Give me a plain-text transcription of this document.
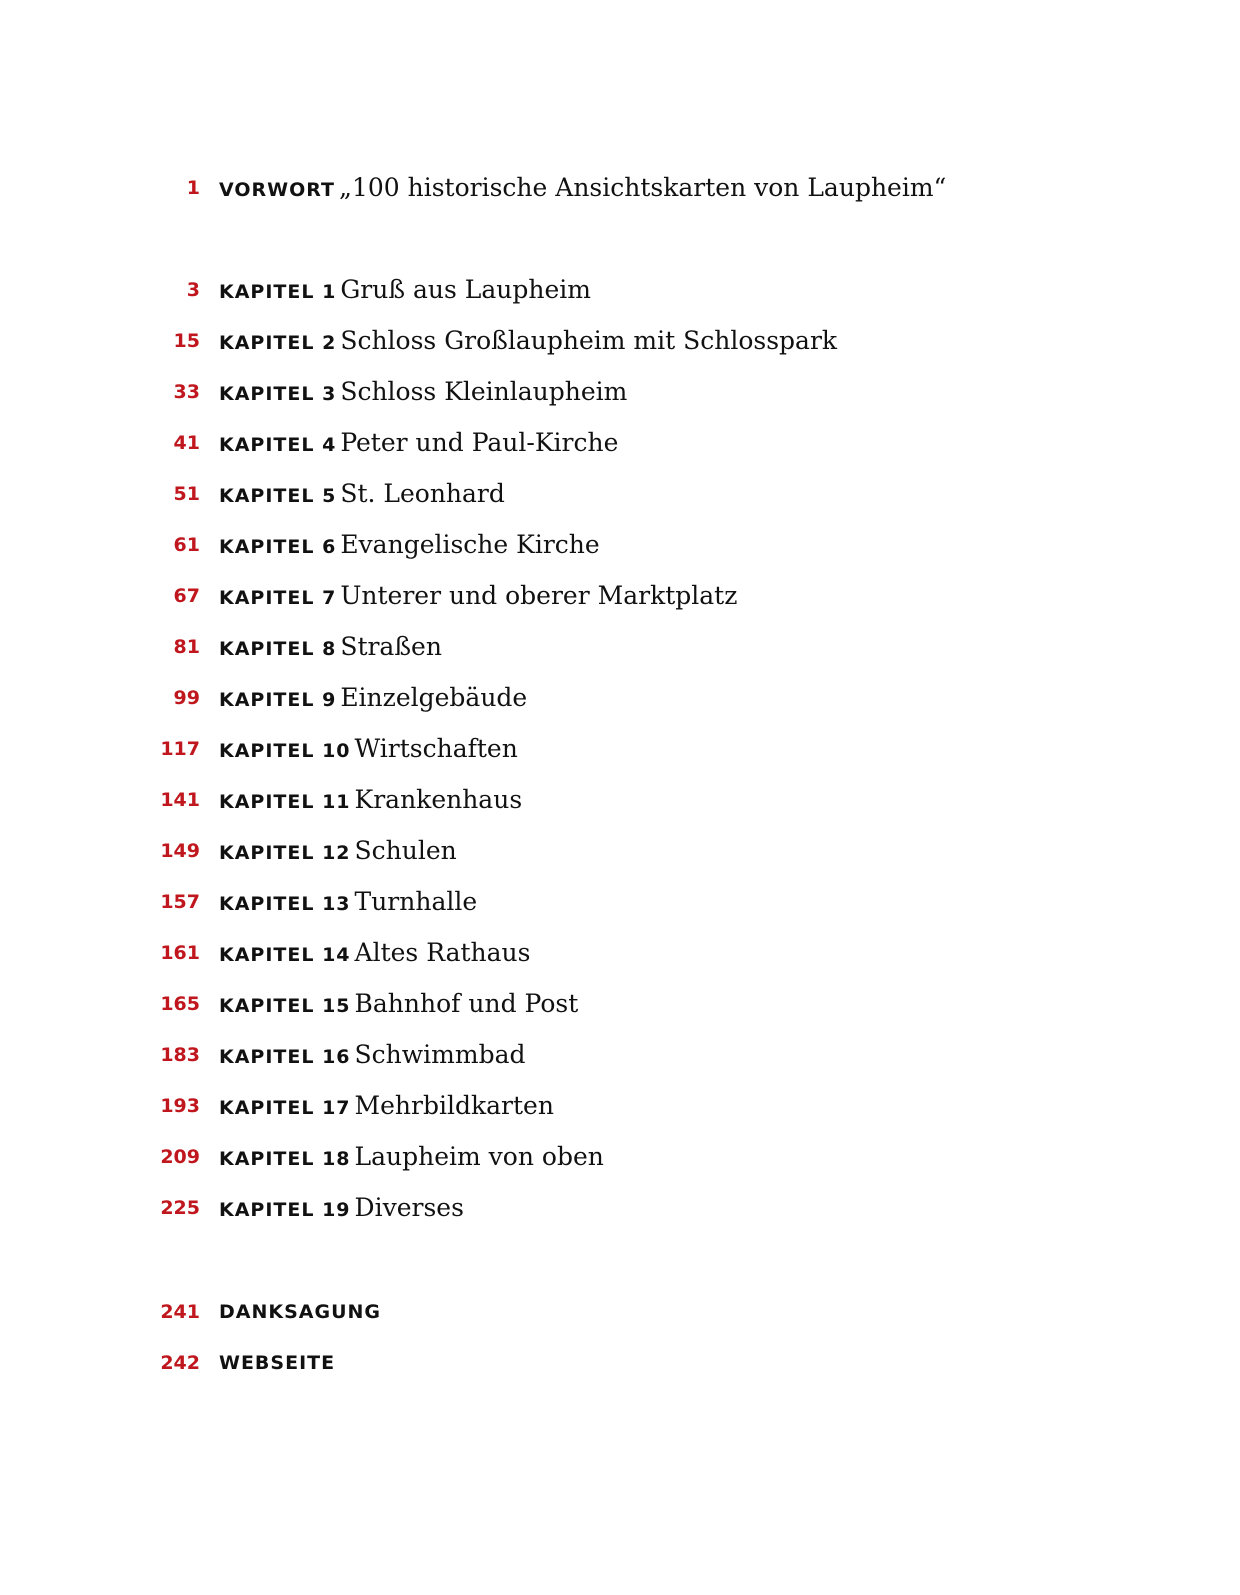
1 VORWORT „100 historische Ansichtskarten von Laupheim“
3 KAPITEL 1 Gruß aus Laupheim
15 KAPITEL 2 Schloss Großlaupheim mit Schlosspark
33 KAPITEL 3 Schloss Kleinlaupheim
41 KAPITEL 4 Peter und Paul-Kirche
51 KAPITEL 5 St. Leonhard
61 KAPITEL 6 Evangelische Kirche
67 KAPITEL 7 Unterer und oberer Marktplatz
81 KAPITEL 8 Straßen
99 KAPITEL 9 Einzelgebäude
117 KAPITEL 10 Wirtschaften
141 KAPITEL 11 Krankenhaus
149 KAPITEL 12 Schulen
157 KAPITEL 13 Turnhalle
161 KAPITEL 14 Altes Rathaus
165 KAPITEL 15 Bahnhof und Post
183 KAPITEL 16 Schwimmbad
193 KAPITEL 17 Mehrbildkarten
209 KAPITEL 18 Laupheim von oben
225 KAPITEL 19 Diverses
241 DANKSAGUNG
242 WEBSEITE
